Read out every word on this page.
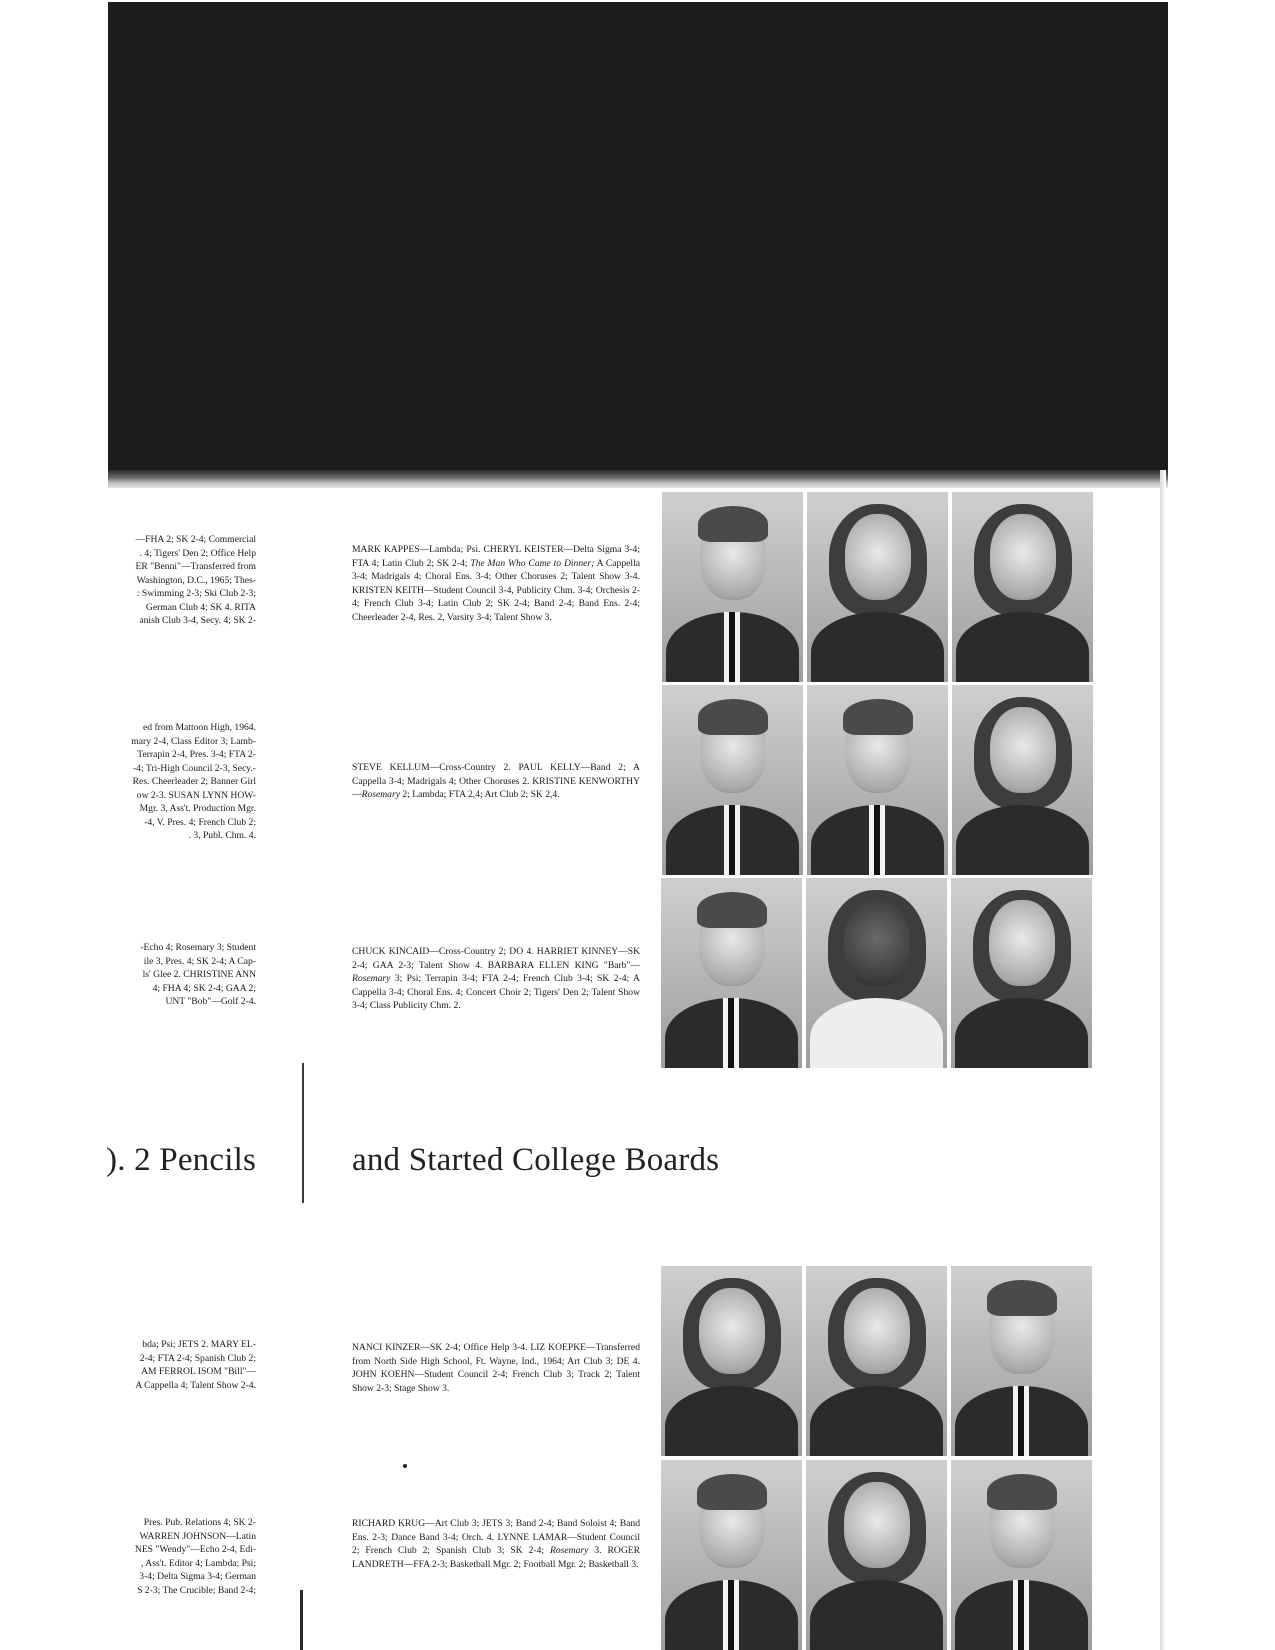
—FHA 2; SK 2-4; Commercial
. 4; Tigers' Den 2; Office Help
ER "Benni"—Transferred from
Washington, D.C., 1965; Thes-
: Swimming 2-3; Ski Club 2-3;
German Club 4; SK 4. RITA
anish Club 3-4, Secy. 4; SK 2-
ed from Mattoon High, 1964.
mary 2-4, Class Editor 3; Lamb-
Terrapin 2-4, Pres. 3-4; FTA 2-
-4; Tri-High Council 2-3, Secy.-
Res. Cheerleader 2; Banner Girl
ow 2-3. SUSAN LYNN HOW-
Mgr. 3, Ass't. Production Mgr.
-4, V. Pres. 4; French Club 2;
. 3, Publ. Chm. 4.
-Echo 4; Rosemary 3; Student
ile 3, Pres. 4; SK 2-4; A Cap-
ls' Glee 2. CHRISTINE ANN
4; FHA 4; SK 2-4; GAA 2;
UNT "Bob"—Golf 2-4.
). 2 Pencils
bda; Psi; JETS 2. MARY EL-
2-4; FTA 2-4; Spanish Club 2;
AM FERROL ISOM "Bill"—
A Cappella 4; Talent Show 2-4.
Pres. Pub. Relations 4; SK 2-
WARREN JOHNSON—Latin
NES "Wendy"—Echo 2-4, Edi-
, Ass't. Editor 4; Lambda; Psi;
3-4; Delta Sigma 3-4; German
S 2-3; The Crucible; Band 2-4;
MARK KAPPES—Lambda; Psi. CHERYL KEISTER—Delta Sigma 3-4; FTA 4; Latin Club 2; SK 2-4; The Man Who Came to Dinner; A Cappella 3-4; Madrigals 4; Choral Ens. 3-4; Other Choruses 2; Talent Show 3-4. KRISTEN KEITH—Student Council 3-4, Publicity Chm. 3-4; Orchesis 2-4; French Club 3-4; Latin Club 2; SK 2-4; Band 2-4; Band Ens. 2-4; Cheerleader 2-4, Res. 2, Varsity 3-4; Talent Show 3.
STEVE KELLUM—Cross-Country 2. PAUL KELLY—Band 2; A Cappella 3-4; Madrigals 4; Other Choruses 2. KRISTINE KENWORTHY—Rosemary 2; Lambda; FTA 2,4; Art Club 2; SK 2,4.
CHUCK KINCAID—Cross-Country 2; DO 4. HARRIET KINNEY—SK 2-4; GAA 2-3; Talent Show 4. BARBARA ELLEN KING "Barb"—Rosemary 3; Psi; Terrapin 3-4; FTA 2-4; French Club 3-4; SK 2-4; A Cappella 3-4; Choral Ens. 4; Concert Choir 2; Tigers' Den 2; Talent Show 3-4; Class Publicity Chm. 2.
and Started College Boards
NANCI KINZER—SK 2-4; Office Help 3-4. LIZ KOEPKE—Transferred from North Side High School, Ft. Wayne, Ind., 1964; Art Club 3; DE 4. JOHN KOEHN—Student Council 2-4; French Club 3; Track 2; Talent Show 2-3; Stage Show 3.
RICHARD KRUG—Art Club 3; JETS 3; Band 2-4; Band Soloist 4; Band Ens. 2-3; Dance Band 3-4; Orch. 4. LYNNE LAMAR—Student Council 2; French Club 2; Spanish Club 3; SK 2-4; Rosemary 3. ROGER LANDRETH—FFA 2-3; Basketball Mgr. 2; Football Mgr. 2; Basketball 3.
